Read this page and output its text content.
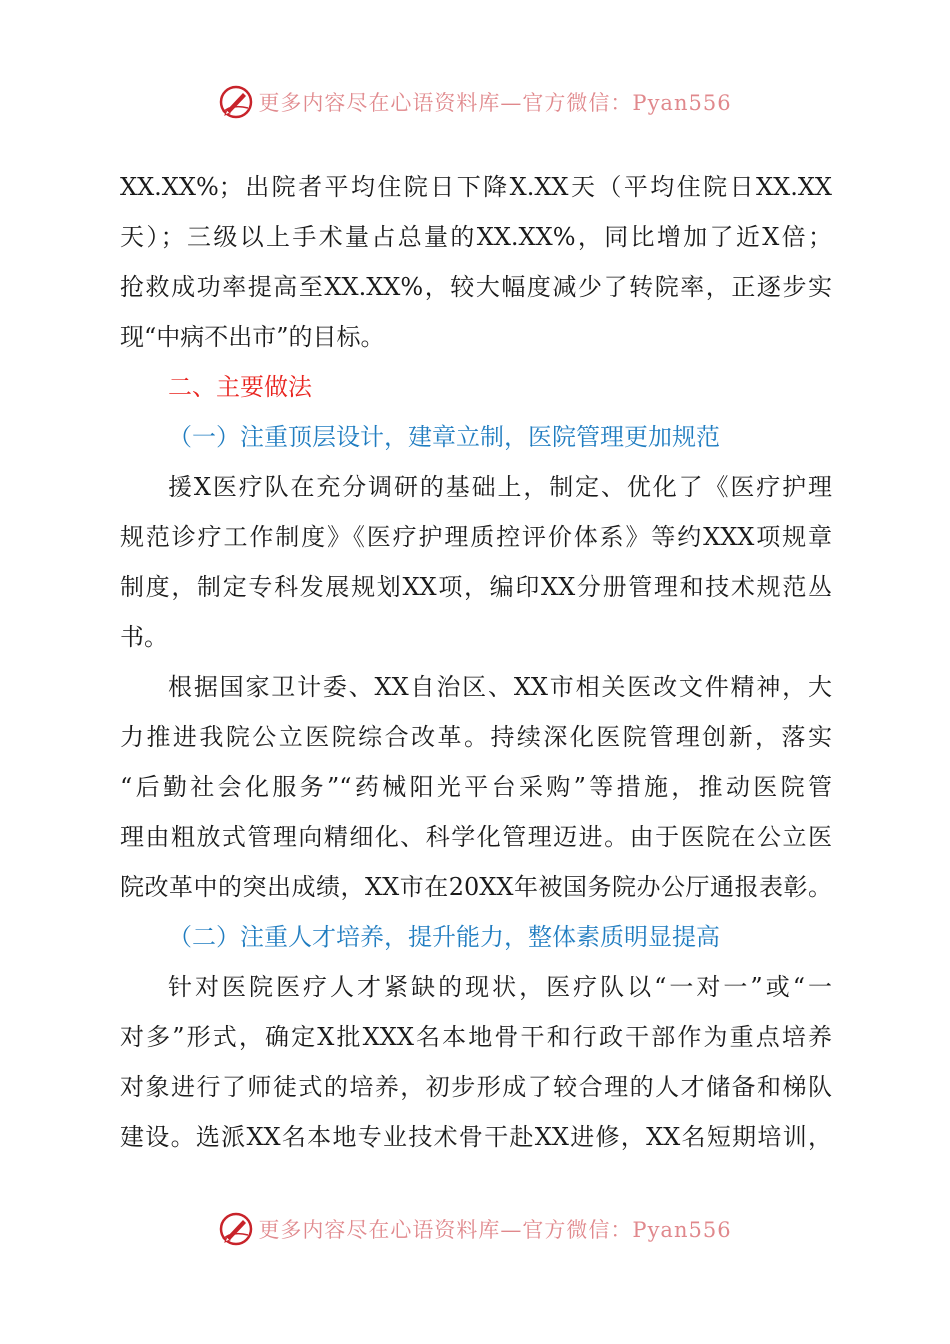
更多内容尽在心语资料库—官方微信：Pyan556
XX.XX%；出院者平均住院日下降X.XX天（平均住院日XX.XX
天）；三级以上手术量占总量的XX.XX%，同比增加了近X倍；
抢救成功率提高至XX.XX%，较大幅度减少了转院率，正逐步实
现“中病不出市”的目标。
二、主要做法
（一）注重顶层设计，建章立制，医院管理更加规范
援X医疗队在充分调研的基础上，制定、优化了《医疗护理
规范诊疗工作制度》《医疗护理质控评价体系》等约XXX项规章
制度，制定专科发展规划XX项，编印XX分册管理和技术规范丛
书。
根据国家卫计委、XX自治区、XX市相关医改文件精神，大
力推进我院公立医院综合改革。持续深化医院管理创新，落实
“后勤社会化服务”“药械阳光平台采购”等措施，推动医院管
理由粗放式管理向精细化、科学化管理迈进。由于医院在公立医
院改革中的突出成绩，XX市在20XX年被国务院办公厅通报表彰。
（二）注重人才培养，提升能力，整体素质明显提高
针对医院医疗人才紧缺的现状，医疗队以“一对一”或“一
对多”形式，确定X批XXX名本地骨干和行政干部作为重点培养
对象进行了师徒式的培养，初步形成了较合理的人才储备和梯队
建设。选派XX名本地专业技术骨干赴XX进修，XX名短期培训，
更多内容尽在心语资料库—官方微信：Pyan556
